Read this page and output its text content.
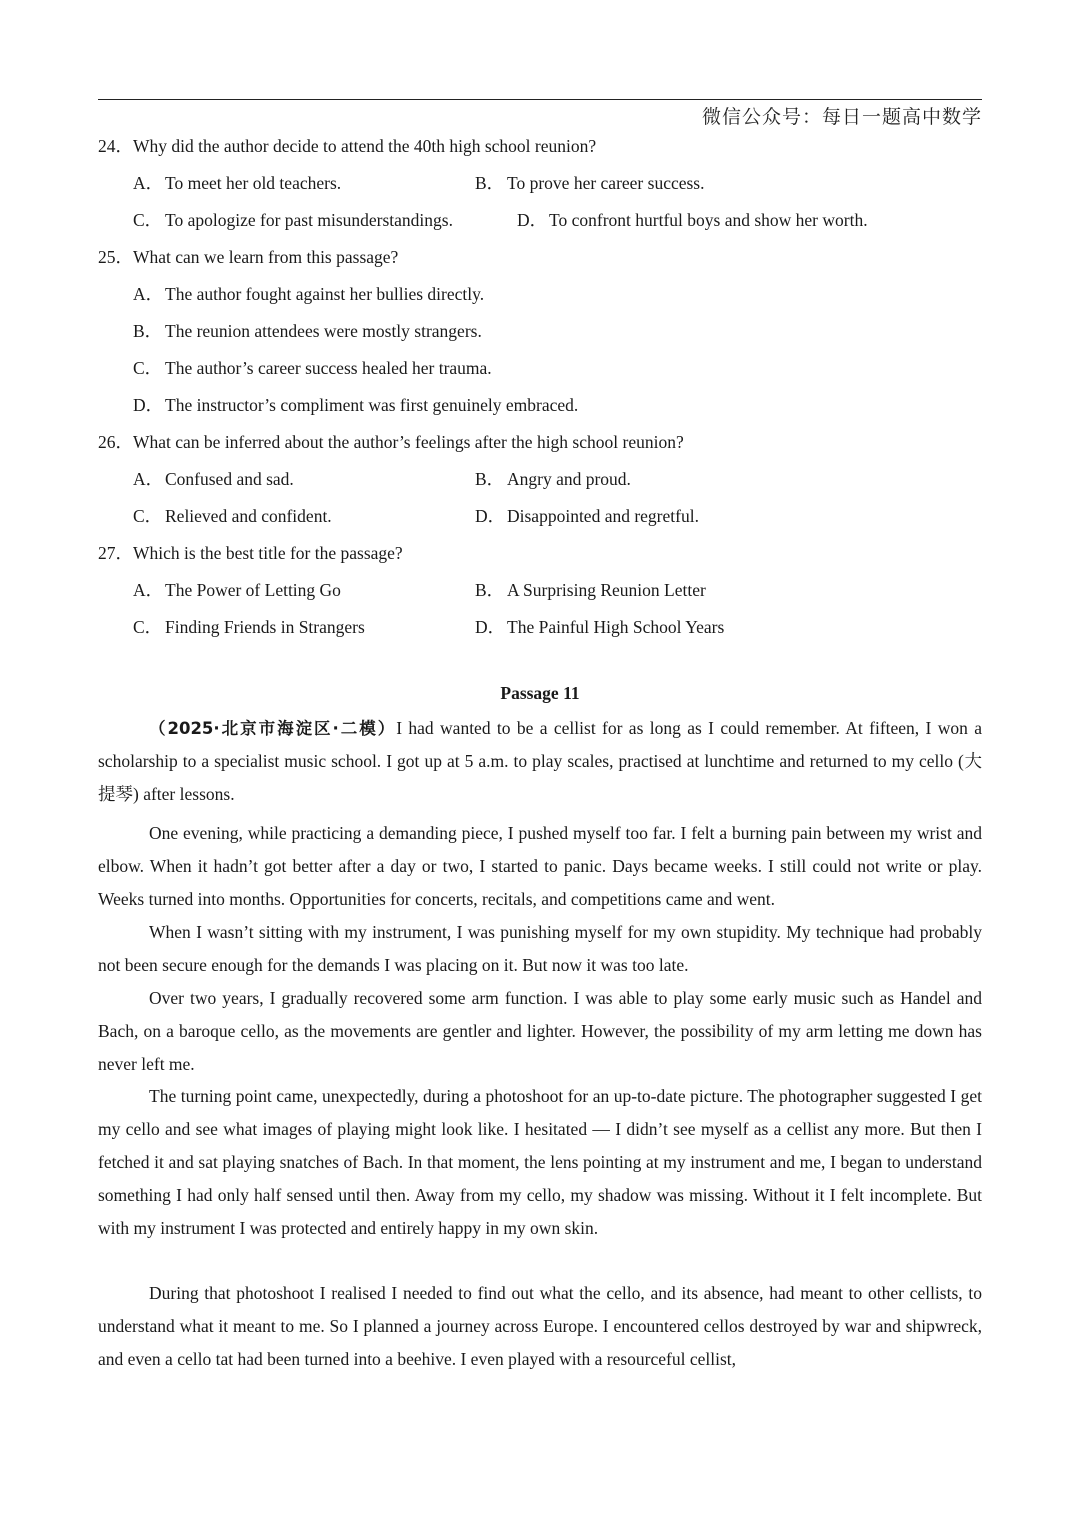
微信公众号：每日一题高中数学
24．Why did the author decide to attend the 40th high school reunion?
A． To meet her old teachers.	B． To prove her career success.
C． To apologize for past misunderstandings.	D． To confront hurtful boys and show her worth.
25．What can we learn from this passage?
A． The author fought against her bullies directly.
B． The reunion attendees were mostly strangers.
C． The author’s career success healed her trauma.
D． The instructor’s compliment was first genuinely embraced.
26．What can be inferred about the author’s feelings after the high school reunion?
A． Confused and sad.	B． Angry and proud.
C． Relieved and confident.	D． Disappointed and regretful.
27．Which is the best title for the passage?
A． The Power of Letting Go	B． A Surprising Reunion Letter
C． Finding Friends in Strangers	D． The Painful High School Years
Passage 11
（2025·北京市海淀区·二模）I had wanted to be a cellist for as long as I could remember. At fifteen, I won a scholarship to a specialist music school. I got up at 5 a.m. to play scales, practised at lunchtime and returned to my cello (大提琴) after lessons.
One evening, while practicing a demanding piece, I pushed myself too far. I felt a burning pain between my wrist and elbow. When it hadn’t got better after a day or two, I started to panic. Days became weeks. I still could not write or play. Weeks turned into months. Opportunities for concerts, recitals, and competitions came and went.
When I wasn’t sitting with my instrument, I was punishing myself for my own stupidity. My technique had probably not been secure enough for the demands I was placing on it. But now it was too late.
Over two years, I gradually recovered some arm function. I was able to play some early music such as Handel and Bach, on a baroque cello, as the movements are gentler and lighter. However, the possibility of my arm letting me down has never left me.
The turning point came, unexpectedly, during a photoshoot for an up-to-date picture. The photographer suggested I get my cello and see what images of playing might look like. I hesitated — I didn’t see myself as a cellist any more. But then I fetched it and sat playing snatches of Bach. In that moment, the lens pointing at my instrument and me, I began to understand something I had only half sensed until then. Away from my cello, my shadow was missing. Without it I felt incomplete. But with my instrument I was protected and entirely happy in my own skin.
During that photoshoot I realised I needed to find out what the cello, and its absence, had meant to other cellists, to understand what it meant to me. So I planned a journey across Europe. I encountered cellos destroyed by war and shipwreck, and even a cello tat had been turned into a beehive. I even played with a resourceful cellist,
